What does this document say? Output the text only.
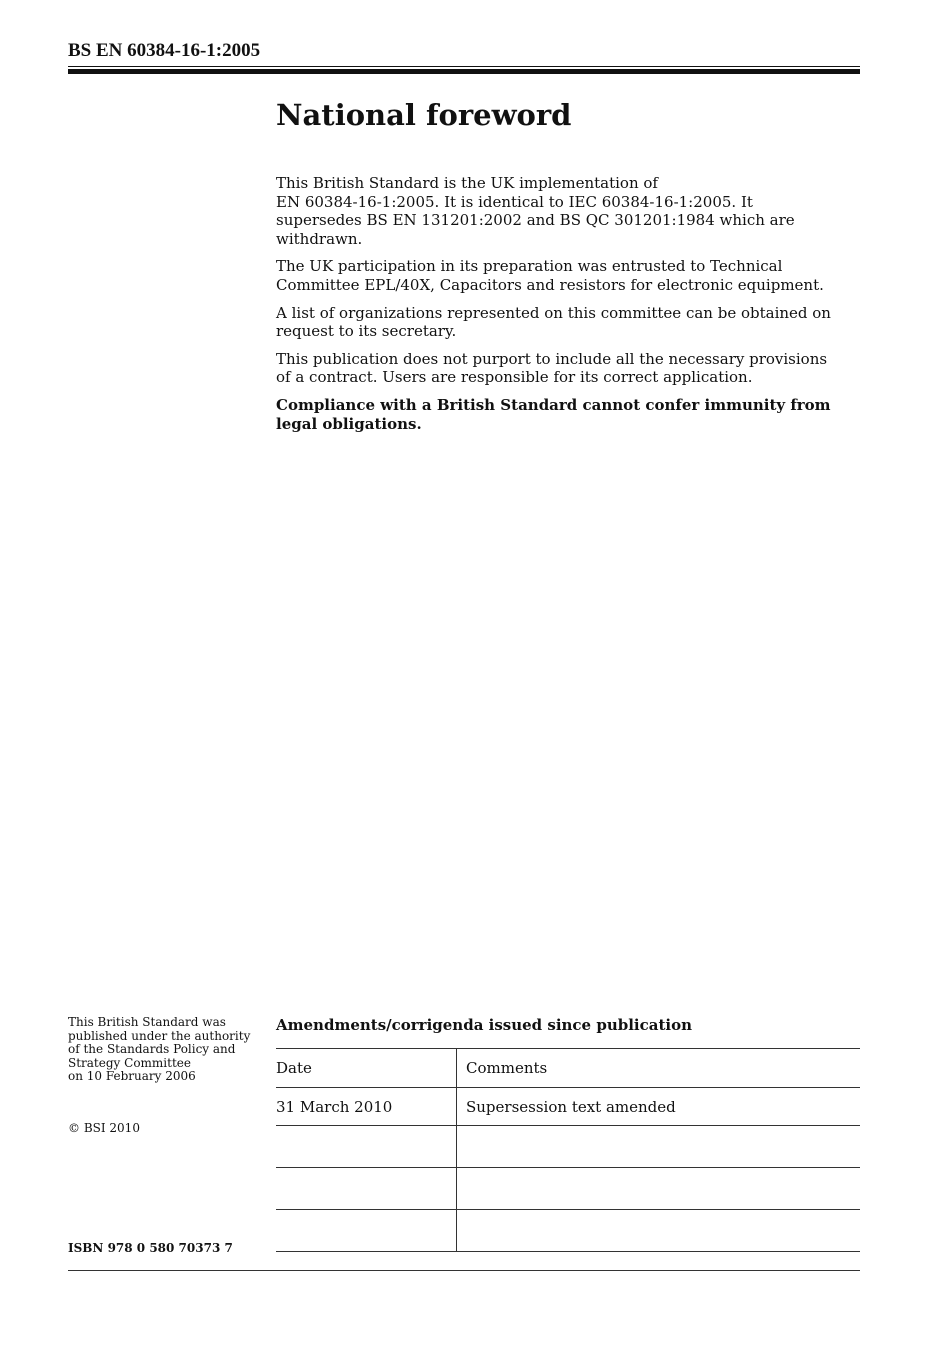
BS EN 60384-16-1:2005
National foreword

This British Standard is the UK implementation of
EN 60384-16-1:2005. It is identical to IEC 60384-16-1:2005. It supersedes BS EN 131201:2002 and BS QC 301201:1984 which are withdrawn.

The UK participation in its preparation was entrusted to Technical Committee EPL/40X, Capacitors and resistors for electronic equipment.

A list of organizations represented on this committee can be obtained on request to its secretary.

This publication does not purport to include all the necessary provisions of a contract. Users are responsible for its correct application.

Compliance with a British Standard cannot confer immunity from legal obligations.

This British Standard was
published under the authority
of the Standards Policy and
Strategy Committee
on 10 February 2006
© BSI 2010
ISBN 978 0 580 70373 7
Amendments/corrigenda issued since publication
Date	Comments
31 March 2010	Supersession text amended
